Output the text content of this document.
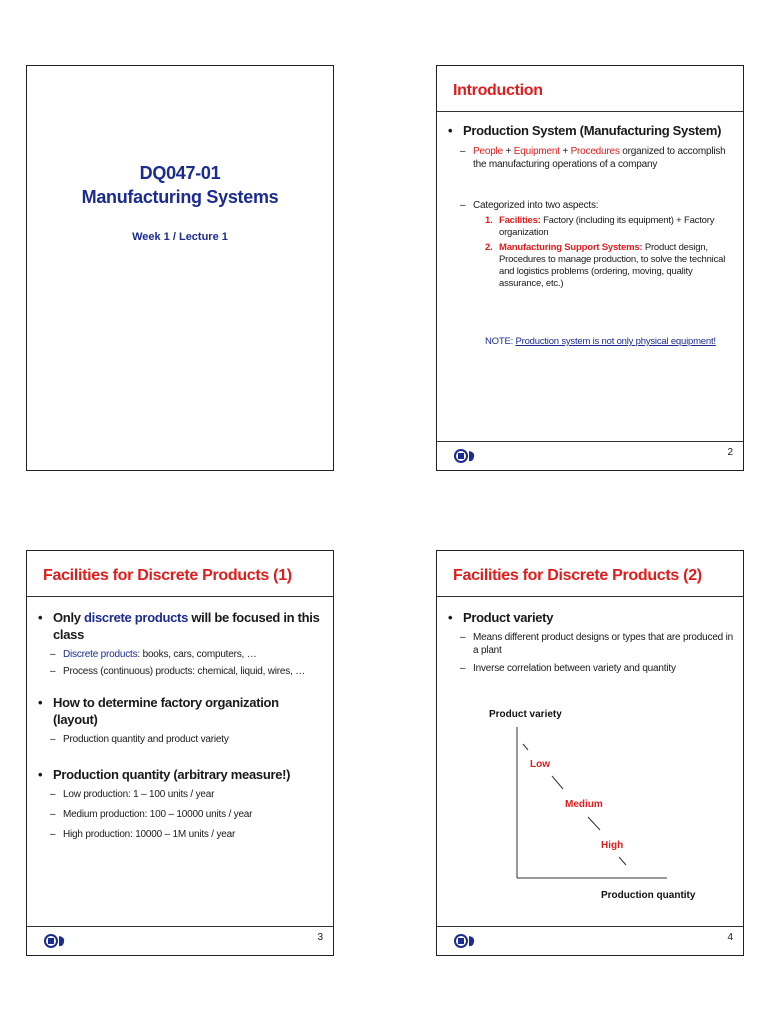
DQ047-01
Manufacturing Systems
Week 1 / Lecture 1
Introduction
• Production System (Manufacturing System)
– People + Equipment + Procedures organized to accomplish the manufacturing operations of a company
– Categorized into two aspects:
1. Facilities: Factory (including its equipment) + Factory organization
2. Manufacturing Support Systems: Product design, Procedures to manage production, to solve the technical and logistics problems (ordering, moving, quality assurance, etc.)
NOTE: Production system is not only physical equipment!
2
Facilities for Discrete Products (1)
• Only discrete products will be focused in this class
– Discrete products: books, cars, computers, …
– Process (continuous) products: chemical, liquid, wires, …
• How to determine factory organization (layout)
– Production quantity and product variety
• Production quantity (arbitrary measure!)
– Low production: 1 – 100 units / year
– Medium production: 100 – 10000 units / year
– High production: 10000 – 1M units / year
3
Facilities for Discrete Products (2)
• Product variety
– Means different product designs or types that are produced in a plant
– Inverse correlation between variety and quantity
Product variety
Production quantity
Low
Medium
High
4
